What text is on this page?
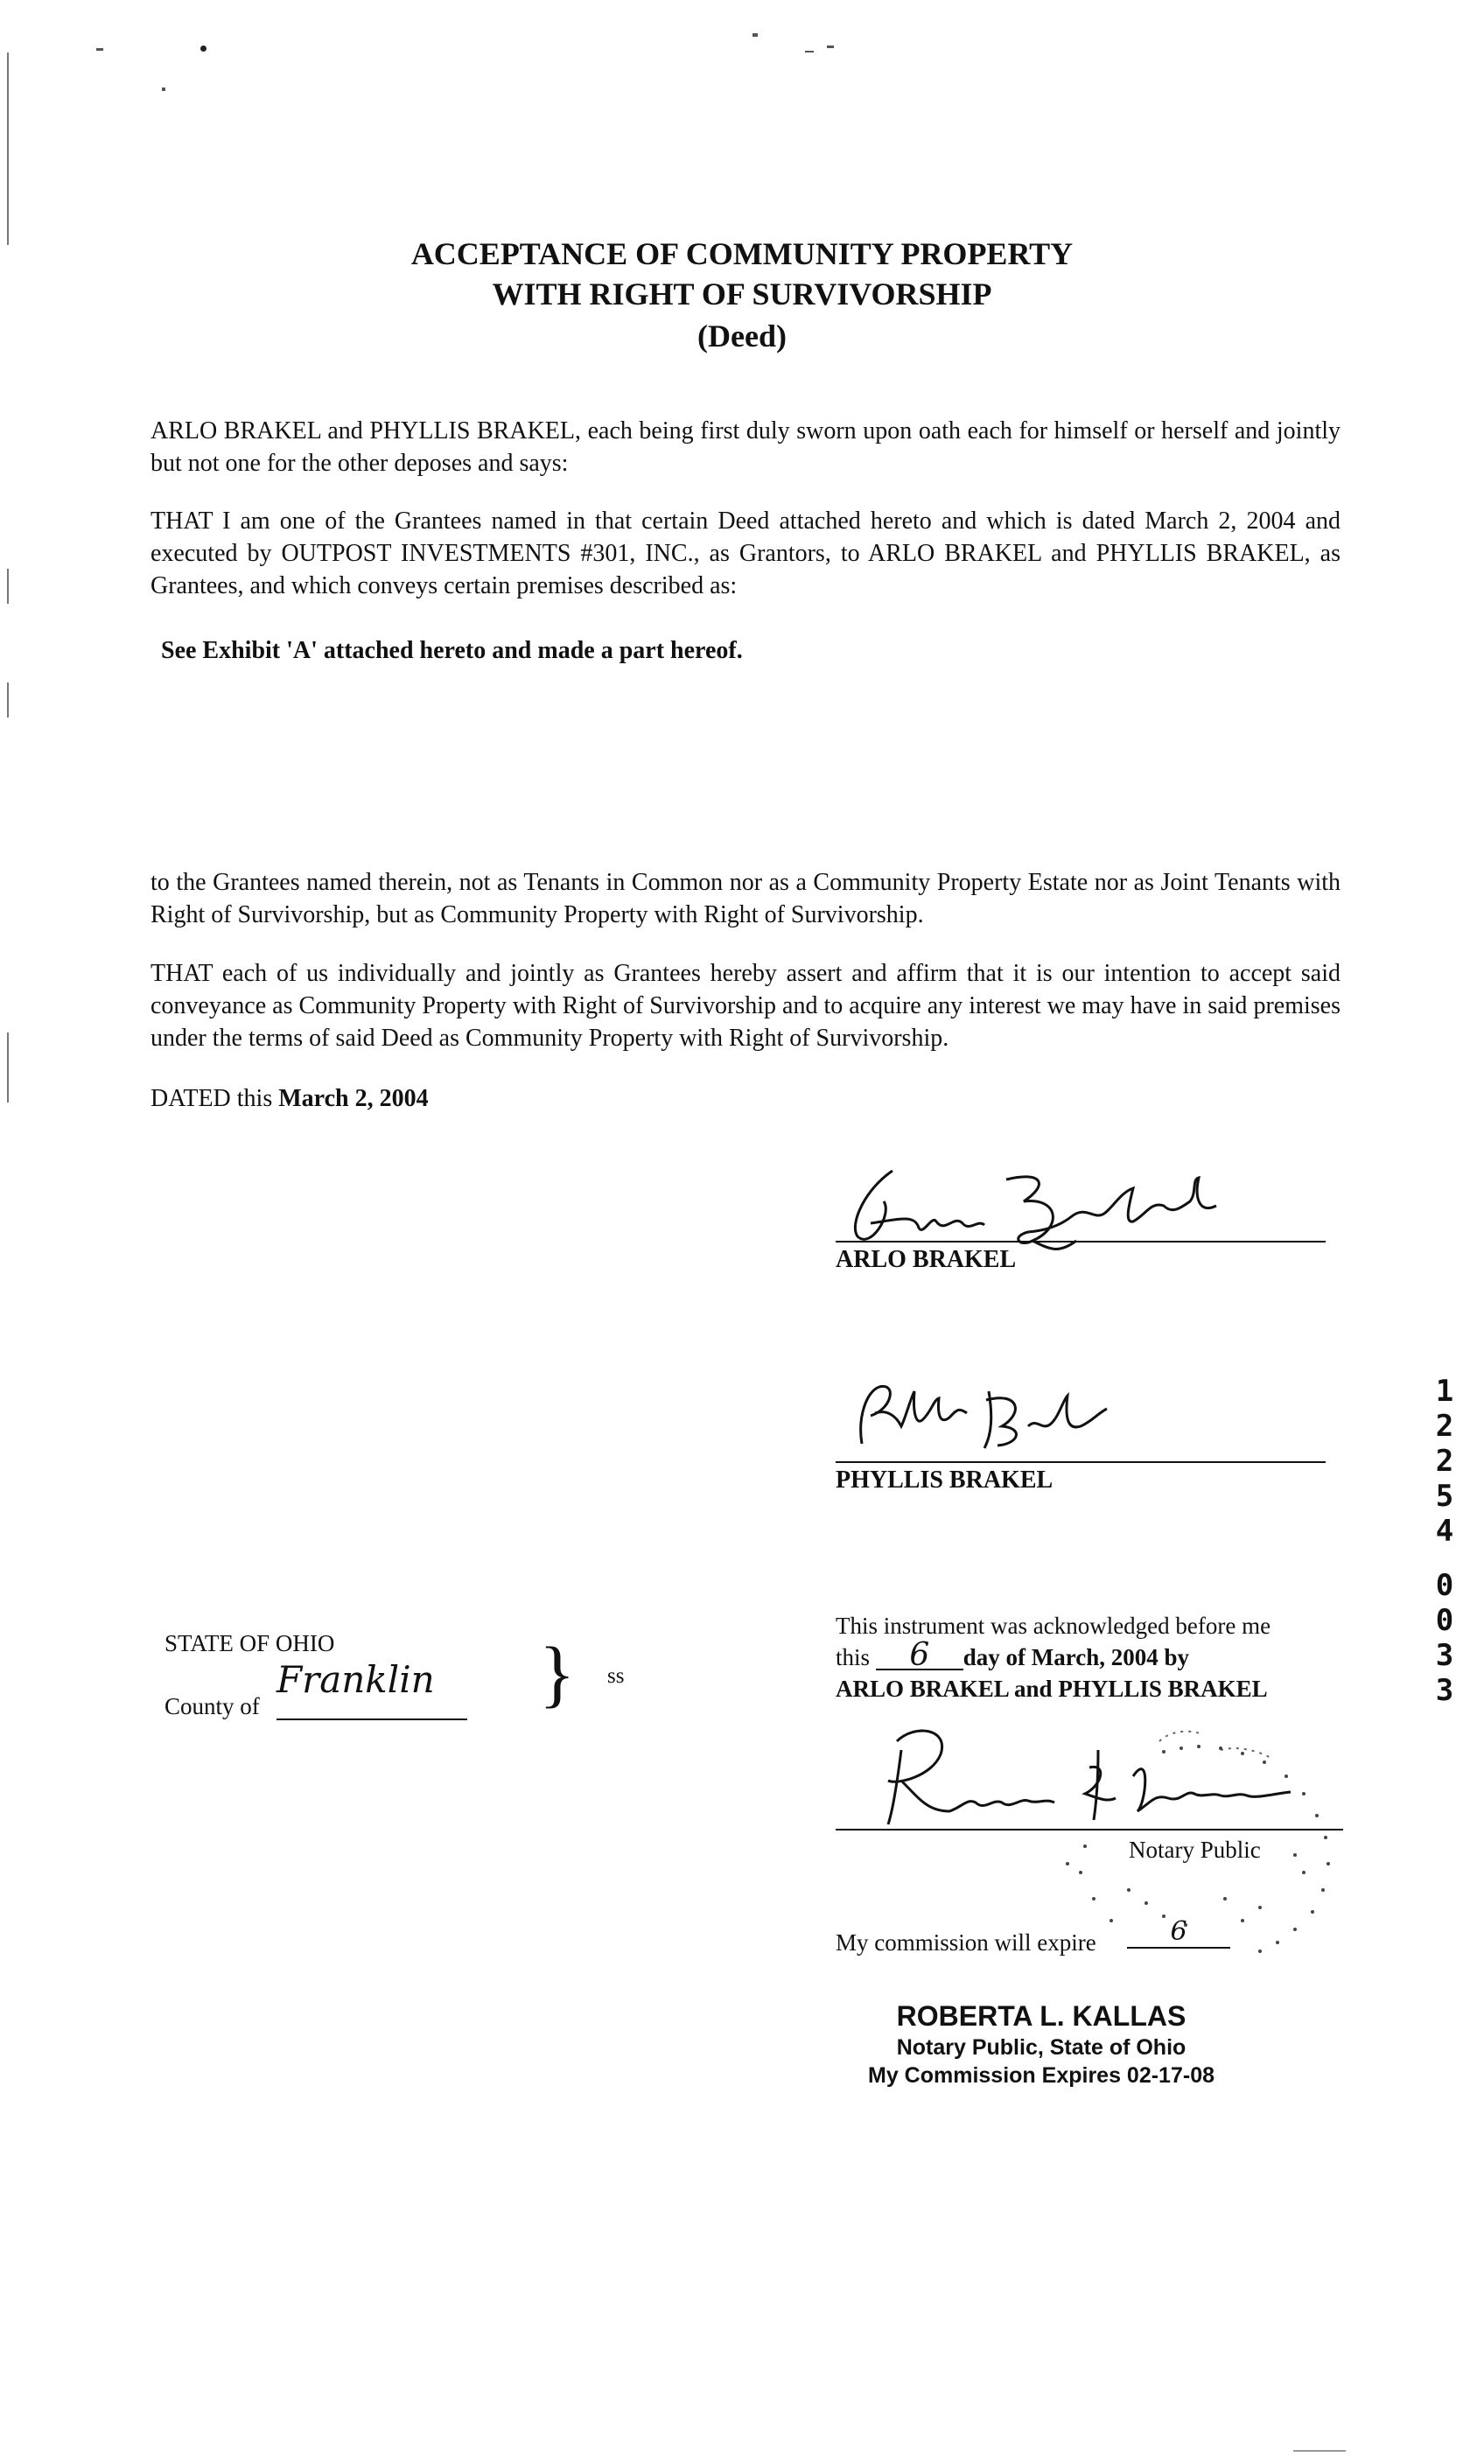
ACCEPTANCE OF COMMUNITY PROPERTY
WITH RIGHT OF SURVIVORSHIP
(Deed)
ARLO BRAKEL and PHYLLIS BRAKEL, each being first duly sworn upon oath each for himself or herself and jointly but not one for the other deposes and says:
THAT I am one of the Grantees named in that certain Deed attached hereto and which is dated March 2, 2004 and executed by OUTPOST INVESTMENTS #301, INC., as Grantors, to ARLO BRAKEL and PHYLLIS BRAKEL, as Grantees, and which conveys certain premises described as:
See Exhibit 'A' attached hereto and made a part hereof.
to the Grantees named therein, not as Tenants in Common nor as a Community Property Estate nor as Joint Tenants with Right of Survivorship, but as Community Property with Right of Survivorship.
THAT each of us individually and jointly as Grantees hereby assert and affirm that it is our intention to accept said conveyance as Community Property with Right of Survivorship and to acquire any interest we may have in said premises under the terms of said Deed as Community Property with Right of Survivorship.
DATED this March 2, 2004
ARLO BRAKEL
PHYLLIS BRAKEL
STATE OF OHIO
County of
Franklin	} ss
This instrument was acknowledged before me
this 6 day of March, 2004 by
ARLO BRAKEL and PHYLLIS BRAKEL
Notary Public
My commission will expire	6
ROBERTA L. KALLAS
Notary Public, State of Ohio
My Commission Expires 02-17-08
1
2
2
5
4
0
0
3
3
